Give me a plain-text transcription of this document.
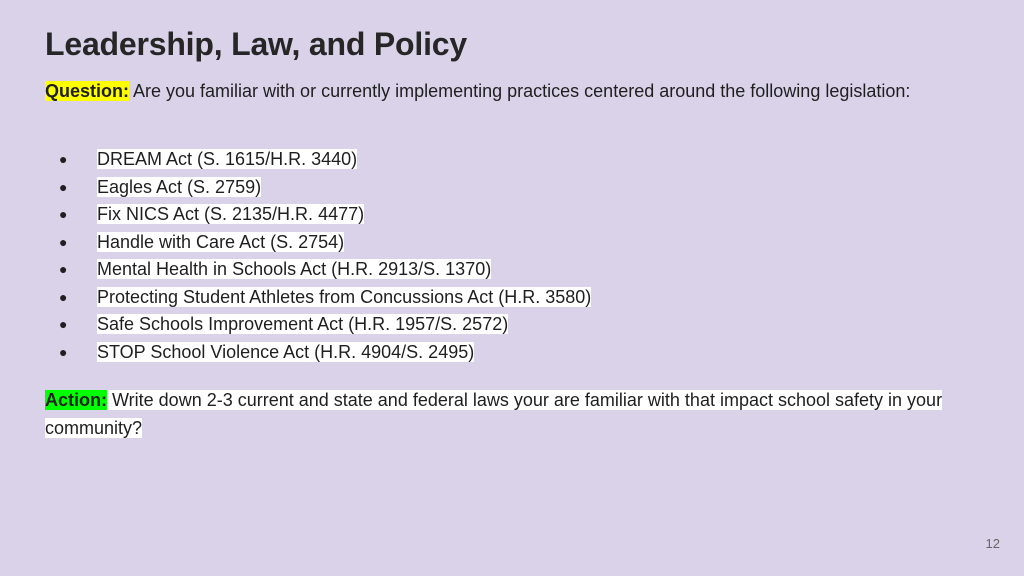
Leadership, Law, and Policy

Question: Are you familiar with or currently implementing practices centered around the following legislation:

● DREAM Act (S. 1615/H.R. 3440)
● Eagles Act (S. 2759)
● Fix NICS Act (S. 2135/H.R. 4477)
● Handle with Care Act (S. 2754)
● Mental Health in Schools Act (H.R. 2913/S. 1370)
● Protecting Student Athletes from Concussions Act (H.R. 3580)
● Safe Schools Improvement Act (H.R. 1957/S. 2572)
● STOP School Violence Act (H.R. 4904/S. 2495)

Action: Write down 2-3 current and state and federal laws your are familiar with that impact school safety in your community?

12
